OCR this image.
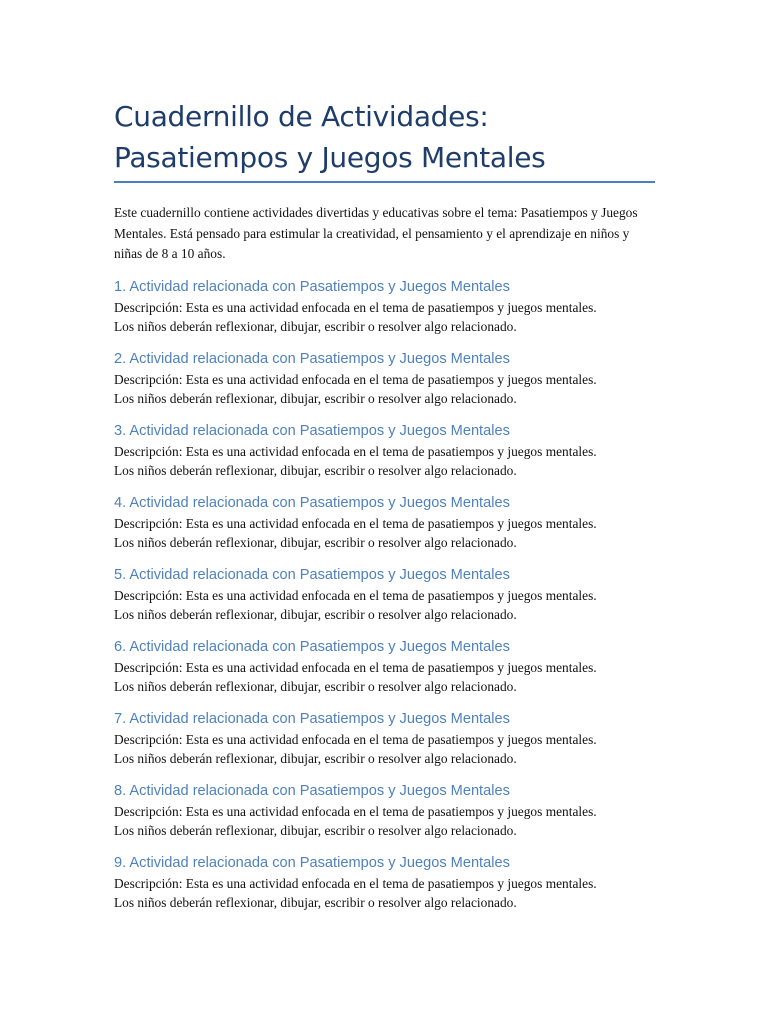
Cuadernillo de Actividades:
Pasatiempos y Juegos Mentales

Este cuadernillo contiene actividades divertidas y educativas sobre el tema: Pasatiempos y Juegos Mentales. Está pensado para estimular la creatividad, el pensamiento y el aprendizaje en niños y niñas de 8 a 10 años.

1. Actividad relacionada con Pasatiempos y Juegos Mentales

Descripción: Esta es una actividad enfocada en el tema de pasatiempos y juegos mentales.
Los niños deberán reflexionar, dibujar, escribir o resolver algo relacionado.

2. Actividad relacionada con Pasatiempos y Juegos Mentales

Descripción: Esta es una actividad enfocada en el tema de pasatiempos y juegos mentales.
Los niños deberán reflexionar, dibujar, escribir o resolver algo relacionado.

3. Actividad relacionada con Pasatiempos y Juegos Mentales

Descripción: Esta es una actividad enfocada en el tema de pasatiempos y juegos mentales.
Los niños deberán reflexionar, dibujar, escribir o resolver algo relacionado.

4. Actividad relacionada con Pasatiempos y Juegos Mentales

Descripción: Esta es una actividad enfocada en el tema de pasatiempos y juegos mentales.
Los niños deberán reflexionar, dibujar, escribir o resolver algo relacionado.

5. Actividad relacionada con Pasatiempos y Juegos Mentales

Descripción: Esta es una actividad enfocada en el tema de pasatiempos y juegos mentales.
Los niños deberán reflexionar, dibujar, escribir o resolver algo relacionado.

6. Actividad relacionada con Pasatiempos y Juegos Mentales

Descripción: Esta es una actividad enfocada en el tema de pasatiempos y juegos mentales.
Los niños deberán reflexionar, dibujar, escribir o resolver algo relacionado.

7. Actividad relacionada con Pasatiempos y Juegos Mentales

Descripción: Esta es una actividad enfocada en el tema de pasatiempos y juegos mentales.
Los niños deberán reflexionar, dibujar, escribir o resolver algo relacionado.

8. Actividad relacionada con Pasatiempos y Juegos Mentales

Descripción: Esta es una actividad enfocada en el tema de pasatiempos y juegos mentales.
Los niños deberán reflexionar, dibujar, escribir o resolver algo relacionado.

9. Actividad relacionada con Pasatiempos y Juegos Mentales

Descripción: Esta es una actividad enfocada en el tema de pasatiempos y juegos mentales.
Los niños deberán reflexionar, dibujar, escribir o resolver algo relacionado.
